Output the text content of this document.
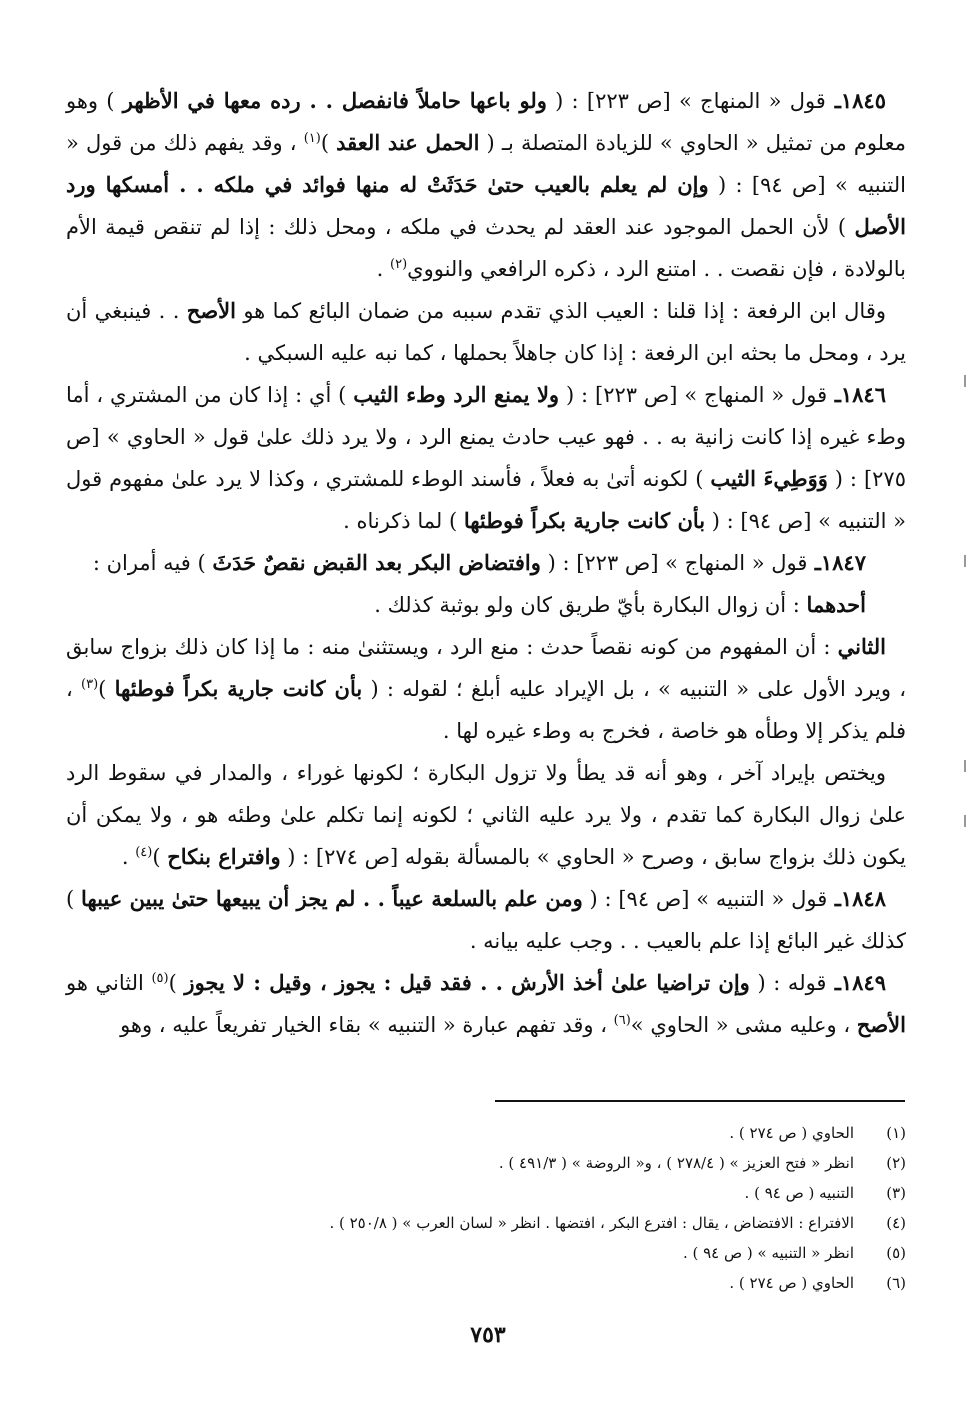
١٨٤٥ـ قول « المنهاج » [ص ٢٢٣] : ( ولو باعها حاملاً فانفصل . . رده معها في الأظهر ) وهو معلوم من تمثيل « الحاوي » للزيادة المتصلة بـ ( الحمل عند العقد )$^{(١)}$ ، وقد يفهم ذلك من قول « التنبيه » [ص ٩٤] : ( وإن لم يعلم بالعيب حتىٰ حَدَثَتْ له منها فوائد في ملكه . . أمسكها ورد الأصل ) لأن الحمل الموجود عند العقد لم يحدث في ملكه ، ومحل ذلك : إذا لم تنقص قيمة الأم بالولادة ، فإن نقصت . . امتنع الرد ، ذكره الرافعي والنووي$^{(٢)}$ .

وقال ابن الرفعة : إذا قلنا : العيب الذي تقدم سببه من ضمان البائع كما هو الأصح . . فينبغي أن يرد ، ومحل ما بحثه ابن الرفعة : إذا كان جاهلاً بحملها ، كما نبه عليه السبكي .

١٨٤٦ـ قول « المنهاج » [ص ٢٢٣] : ( ولا يمنع الرد وطء الثيب ) أي : إذا كان من المشتري ، أما وطء غيره إذا كانت زانية به . . فهو عيب حادث يمنع الرد ، ولا يرد ذلك علىٰ قول « الحاوي » [ص ٢٧٥] : ( وَوَطِيءَ الثيب ) لكونه أتىٰ به فعلاً ، فأسند الوطء للمشتري ، وكذا لا يرد علىٰ مفهوم قول « التنبيه » [ص ٩٤] : ( بأن كانت جارية بكراً فوطئها ) لما ذكرناه .

١٨٤٧ـ قول « المنهاج » [ص ٢٢٣] : ( وافتضاض البكر بعد القبض نقصٌ حَدَثَ ) فيه أمران :

أحدهما : أن زوال البكارة بأيّ طريق كان ولو بوثبة كذلك .

الثاني : أن المفهوم من كونه نقصاً حدث : منع الرد ، ويستثنىٰ منه : ما إذا كان ذلك بزواج سابق ، ويرد الأول على « التنبيه » ، بل الإيراد عليه أبلغ ؛ لقوله : ( بأن كانت جارية بكراً فوطئها )$^{(٣)}$ ، فلم يذكر إلا وطأه هو خاصة ، فخرج به وطء غيره لها .

ويختص بإيراد آخر ، وهو أنه قد يطأ ولا تزول البكارة ؛ لكونها غوراء ، والمدار في سقوط الرد علىٰ زوال البكارة كما تقدم ، ولا يرد عليه الثاني ؛ لكونه إنما تكلم علىٰ وطئه هو ، ولا يمكن أن يكون ذلك بزواج سابق ، وصرح « الحاوي » بالمسألة بقوله [ص ٢٧٤] : ( وافتراع بنكاح )$^{(٤)}$ .

١٨٤٨ـ قول « التنبيه » [ص ٩٤] : ( ومن علم بالسلعة عيباً . . لم يجز أن يبيعها حتىٰ يبين عيبها ) كذلك غير البائع إذا علم بالعيب . . وجب عليه بيانه .

١٨٤٩ـ قوله : ( وإن تراضيا علىٰ أخذ الأرش . . فقد قيل : يجوز ، وقيل : لا يجوز )$^{(٥)}$ الثاني هو الأصح ، وعليه مشى « الحاوي »$^{(٦)}$ ، وقد تفهم عبارة « التنبيه » بقاء الخيار تفريعاً عليه ، وهو

(١)
الحاوي ( ص ٢٧٤ ) .
(٢)
انظر « فتح العزيز » ( ٢٧٨/٤ ) ، و« الروضة » ( ٤٩١/٣ ) .
(٣)
التنبيه ( ص ٩٤ ) .
(٤)
الافتراع : الافتضاض ، يقال : افترع البكر ، افتضها . انظر « لسان العرب » ( ٢٥٠/٨ ) .
(٥)
انظر « التنبيه » ( ص ٩٤ ) .
(٦)
الحاوي ( ص ٢٧٤ ) .
٧٥٣
